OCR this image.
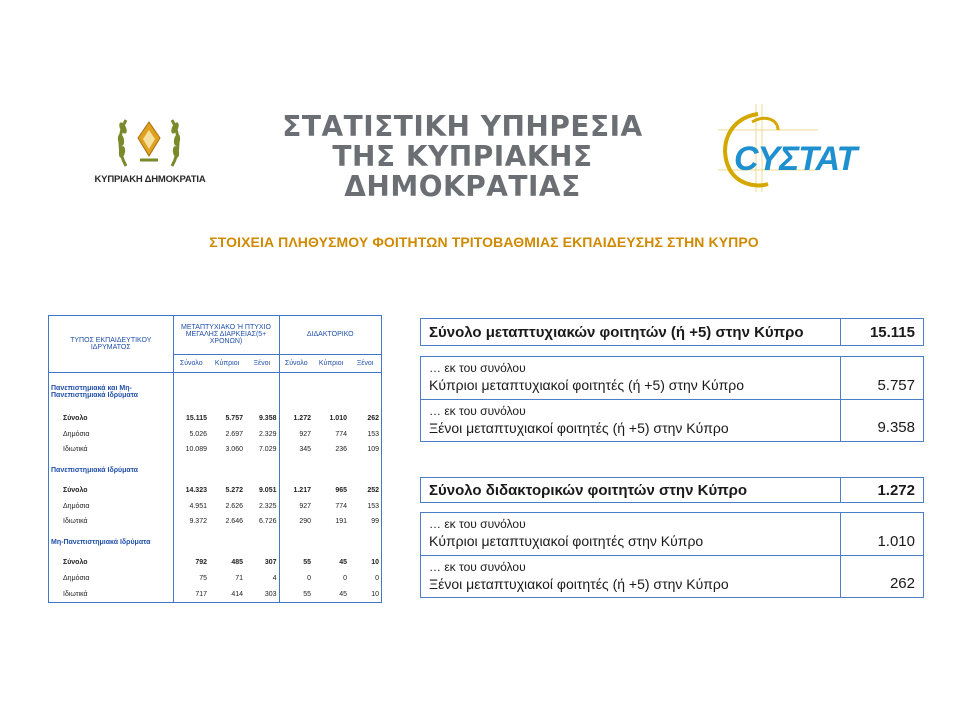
ΚΥΠΡΙΑΚΗ ΔΗΜΟΚΡΑΤΙΑ
ΣΤΑΤΙΣΤΙΚΗ ΥΠΗΡΕΣΙΑ
ΤΗΣ ΚΥΠΡΙΑΚΗΣ ΔΗΜΟΚΡΑΤΙΑΣ
CYΣTAT
ΣΤΟΙΧΕΙΑ ΠΛΗΘΥΣΜΟΥ ΦΟΙΤΗΤΩΝ ΤΡΙΤΟΒΑΘΜΙΑΣ ΕΚΠΑΙΔΕΥΣΗΣ ΣΤΗΝ ΚΥΠΡΟ
ΤΥΠΟΣ ΕΚΠΑΙΔΕΥΤΙΚΟΥ ΙΔΡΥΜΑΤΟΣ	ΜΕΤΑΠΤΥΧΙΑΚΟ Ή ΠΤΥΧΙΟ ΜΕΓΑΛΗΣ ΔΙΑΡΚΕΙΑΣ(5+ ΧΡΟΝΩΝ)			ΔΙΔΑΚΤΟΡΙΚΟ		
	Σύνολο	Κύπριοι	Ξένοι	Σύνολο	Κύπριοι	Ξένοι
Πανεπιστημιακά και Μη-Πανεπιστημιακά Ιδρύματα						
Σύνολο	15.115	5.757	9.358	1.272	1.010	262
Δημόσια	5.026	2.697	2.329	927	774	153
Ιδιωτικά	10.089	3.060	7.029	345	236	109
Πανεπιστημιακά Ιδρύματα						
Σύνολο	14.323	5.272	9.051	1.217	965	252
Δημόσια	4.951	2.626	2.325	927	774	153
Ιδιωτικά	9.372	2.646	6.726	290	191	99
Μη-Πανεπιστημιακά Ιδρύματα						
Σύνολο	792	485	307	55	45	10
Δημόσια	75	71	4	0	0	0
Ιδιωτικά	717	414	303	55	45	10
Σύνολο μεταπτυχιακών φοιτητών (ή +5) στην Κύπρο	15.115
… εκ του συνόλου
Κύπριοι μεταπτυχιακοί φοιτητές (ή +5) στην Κύπρο	5.757
… εκ του συνόλου
Ξένοι μεταπτυχιακοί φοιτητές (ή +5) στην Κύπρο	9.358
Σύνολο διδακτορικών φοιτητών στην Κύπρο	1.272
… εκ του συνόλου
Κύπριοι μεταπτυχιακοί φοιτητές στην Κύπρο	1.010
… εκ του συνόλου
Ξένοι μεταπτυχιακοί φοιτητές (ή +5) στην Κύπρο	262
